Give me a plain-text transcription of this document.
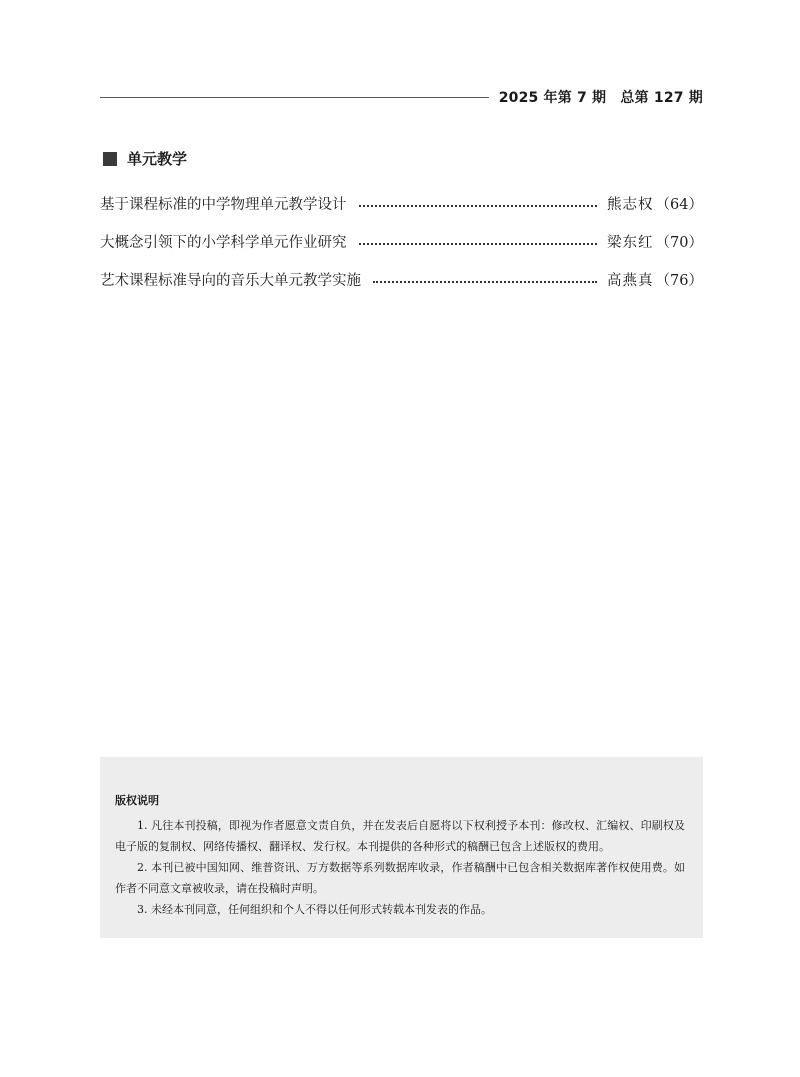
2025 年第 7 期　总第 127 期
单元教学
基于课程标准的中学物理单元教学设计	熊志权 （64）
大概念引领下的小学科学单元作业研究	梁东红 （70）
艺术课程标准导向的音乐大单元教学实施	高燕真 （76）
版权说明

1. 凡往本刊投稿，即视为作者愿意文责自负，并在发表后自愿将以下权利授予本刊：修改权、汇编权、印刷权及电子版的复制权、网络传播权、翻译权、发行权。本刊提供的各种形式的稿酬已包含上述版权的费用。

2. 本刊已被中国知网、维普资讯、万方数据等系列数据库收录，作者稿酬中已包含相关数据库著作权使用费。如作者不同意文章被收录，请在投稿时声明。

3. 未经本刊同意，任何组织和个人不得以任何形式转载本刊发表的作品。
